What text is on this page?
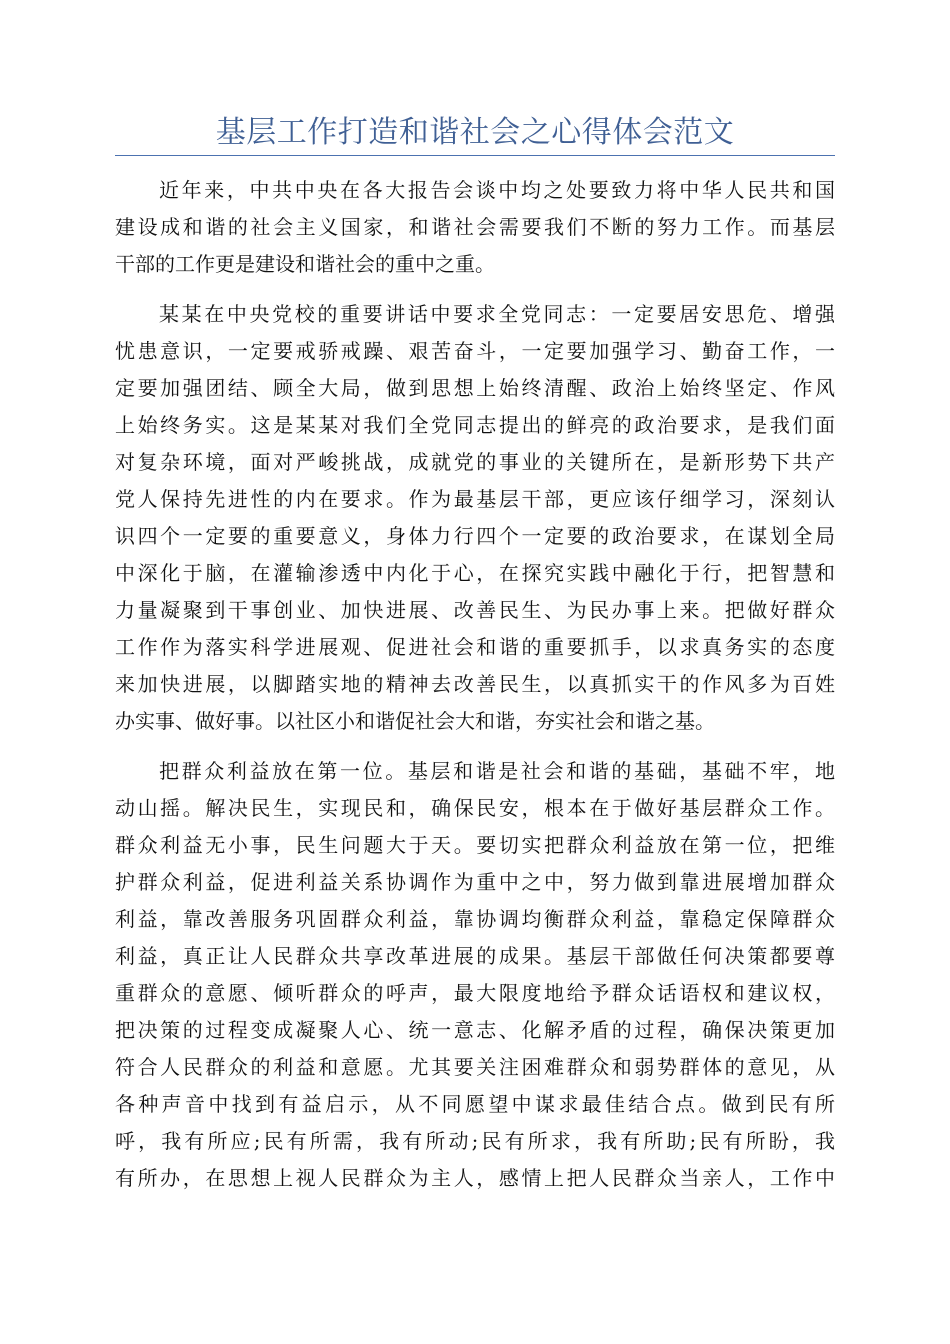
基层工作打造和谐社会之心得体会范文

近年来，中共中央在各大报告会谈中均之处要致力将中华人民共和国
建设成和谐的社会主义国家，和谐社会需要我们不断的努力工作。而基层
干部的工作更是建设和谐社会的重中之重。

某某在中央党校的重要讲话中要求全党同志：一定要居安思危、增强
忧患意识，一定要戒骄戒躁、艰苦奋斗，一定要加强学习、勤奋工作，一
定要加强团结、顾全大局，做到思想上始终清醒、政治上始终坚定、作风
上始终务实。这是某某对我们全党同志提出的鲜亮的政治要求，是我们面
对复杂环境，面对严峻挑战，成就党的事业的关键所在，是新形势下共产
党人保持先进性的内在要求。作为最基层干部，更应该仔细学习，深刻认
识四个一定要的重要意义，身体力行四个一定要的政治要求，在谋划全局
中深化于脑，在灌输渗透中内化于心，在探究实践中融化于行，把智慧和
力量凝聚到干事创业、加快进展、改善民生、为民办事上来。把做好群众
工作作为落实科学进展观、促进社会和谐的重要抓手，以求真务实的态度
来加快进展，以脚踏实地的精神去改善民生，以真抓实干的作风多为百姓
办实事、做好事。以社区小和谐促社会大和谐，夯实社会和谐之基。

把群众利益放在第一位。基层和谐是社会和谐的基础，基础不牢，地
动山摇。解决民生，实现民和，确保民安，根本在于做好基层群众工作。
群众利益无小事，民生问题大于天。要切实把群众利益放在第一位，把维
护群众利益，促进利益关系协调作为重中之中，努力做到靠进展增加群众
利益，靠改善服务巩固群众利益，靠协调均衡群众利益，靠稳定保障群众
利益，真正让人民群众共享改革进展的成果。基层干部做任何决策都要尊
重群众的意愿、倾听群众的呼声，最大限度地给予群众话语权和建议权，
把决策的过程变成凝聚人心、统一意志、化解矛盾的过程，确保决策更加
符合人民群众的利益和意愿。尤其要关注困难群众和弱势群体的意见，从
各种声音中找到有益启示，从不同愿望中谋求最佳结合点。做到民有所
呼，我有所应;民有所需，我有所动;民有所求，我有所助;民有所盼，我
有所办，在思想上视人民群众为主人，感情上把人民群众当亲人，工作中
